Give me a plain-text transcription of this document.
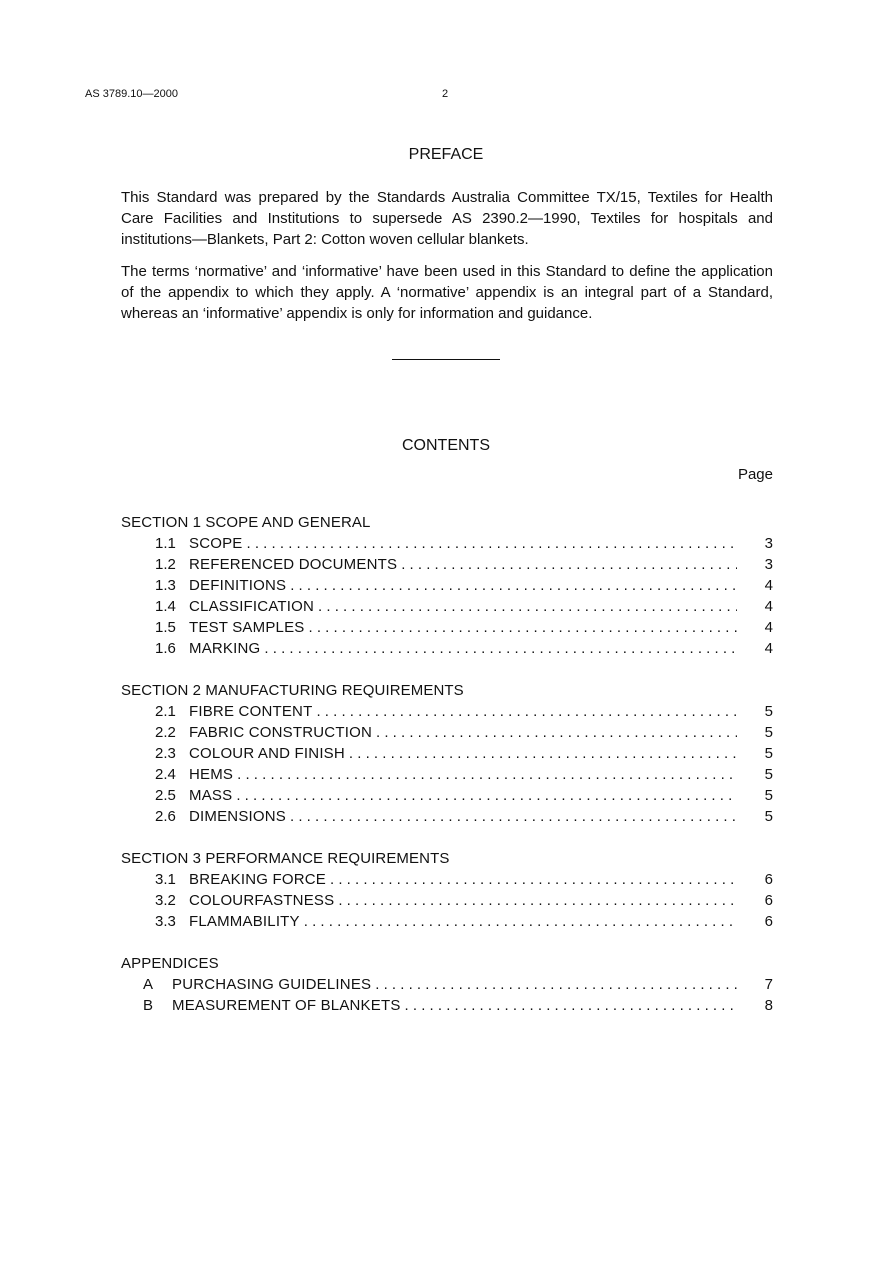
AS 3789.10—2000	2
PREFACE

This Standard was prepared by the Standards Australia Committee TX/15, Textiles for Health Care Facilities and Institutions to supersede AS 2390.2—1990, Textiles for hospitals and institutions—Blankets, Part 2: Cotton woven cellular blankets.

The terms ‘normative’ and ‘informative’ have been used in this Standard to define the application of the appendix to which they apply. A ‘normative’ appendix is an integral part of a Standard, whereas an ‘informative’ appendix is only for information and guidance.

CONTENTS
Page
SECTION 1 SCOPE AND GENERAL
1.1 SCOPE . . .	3
1.2 REFERENCED DOCUMENTS . . .	3
1.3 DEFINITIONS . . .	4
1.4 CLASSIFICATION . . .	4
1.5 TEST SAMPLES . . .	4
1.6 MARKING . . .	4
SECTION 2 MANUFACTURING REQUIREMENTS
2.1 FIBRE CONTENT . . .	5
2.2 FABRIC CONSTRUCTION . . .	5
2.3 COLOUR AND FINISH . . .	5
2.4 HEMS . . .	5
2.5 MASS . . .	5
2.6 DIMENSIONS . . .	5
SECTION 3 PERFORMANCE REQUIREMENTS
3.1 BREAKING FORCE . . .	6
3.2 COLOURFASTNESS . . .	6
3.3 FLAMMABILITY . . .	6
APPENDICES
A	PURCHASING GUIDELINES . . .	7
B	MEASUREMENT OF BLANKETS . . .	8
